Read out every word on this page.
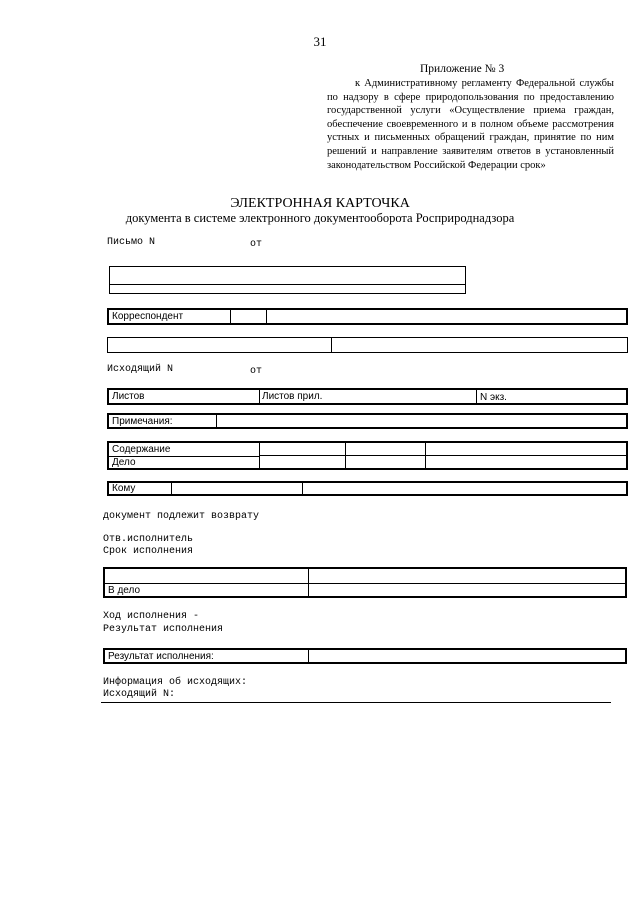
31
Приложение № 3
к Административному регламенту Федеральной службы по надзору в сфере природопользования по предоставлению государственной услуги «Осуществление приема граждан, обеспечение своевременного и в полном объеме рассмотрения устных и письменных обращений граждан, принятие по ним решений и направление заявителям ответов в установленный законодательством Российской Федерации срок»
ЭЛЕКТРОННАЯ КАРТОЧКА
документа в системе электронного документооборота Росприроднадзора
Письмо N	от
Корреспондент
Исходящий N	от
Листов	Листов прил.	N экз.
Примечания:
Содержание
Дело
Кому
документ подлежит возврату
Отв.исполнитель
Срок исполнения
В дело
Ход исполнения -
Результат исполнения
Результат исполнения:
Информация об исходящих:
Исходящий N:
